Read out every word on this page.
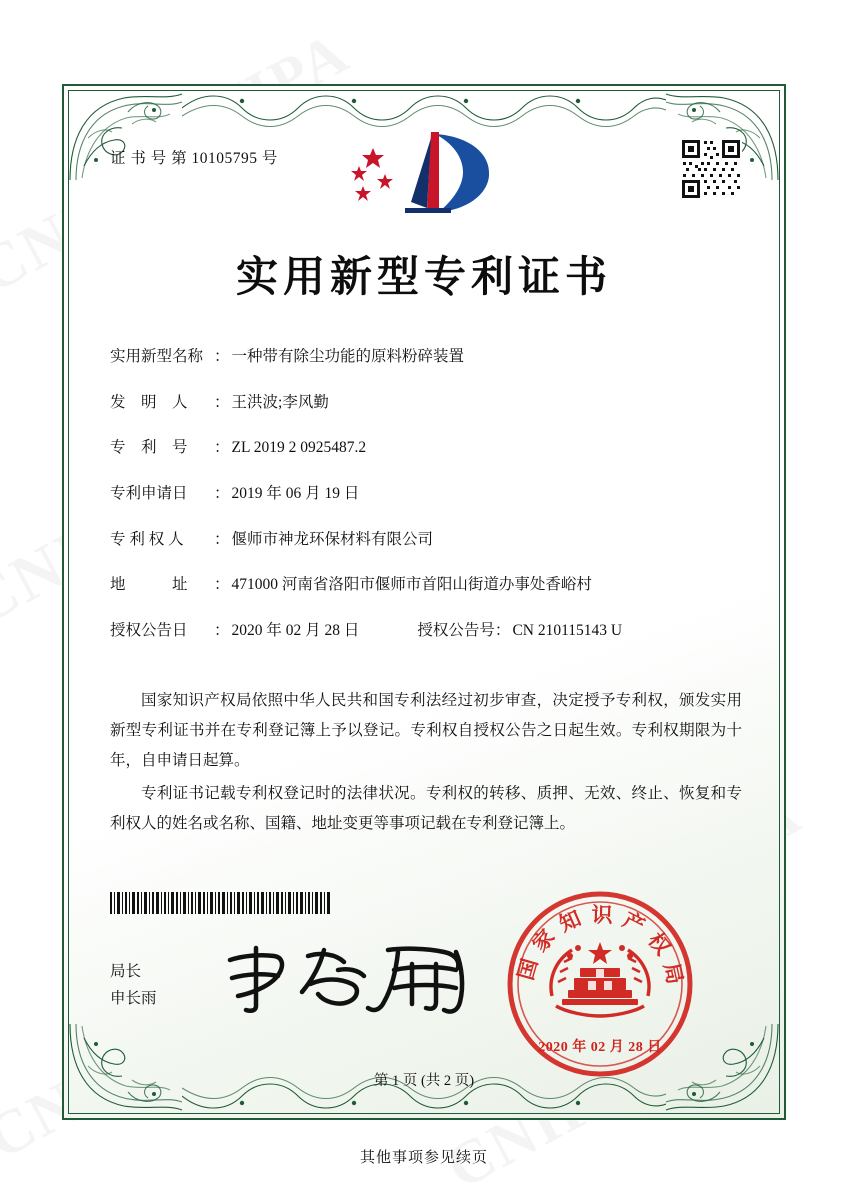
证 书 号 第 10105795 号
实用新型专利证书
实用新型名称 ： 一种带有除尘功能的原料粉碎装置
发　明　人	： 王洪波;李风勤
专　利　号	： ZL 2019 2 0925487.2
专利申请日	： 2019 年 06 月 19 日
专 利 权 人	： 偃师市神龙环保材料有限公司
地　　　址	： 471000 河南省洛阳市偃师市首阳山街道办事处香峪村
授权公告日	： 2020 年 02 月 28 日	授权公告号 ： CN 210115143 U

国家知识产权局依照中华人民共和国专利法经过初步审查，决定授予专利权，颁发实用新型专利证书并在专利登记簿上予以登记。专利权自授权公告之日起生效。专利权期限为十年，自申请日起算。

专利证书记载专利权登记时的法律状况。专利权的转移、质押、无效、终止、恢复和专利权人的姓名或名称、国籍、地址变更等事项记载在专利登记簿上。

局长
申长雨
国
家
知 识 产
权
局
2020 年 02 月 28 日
第 1 页 (共 2 页)
其他事项参见续页
